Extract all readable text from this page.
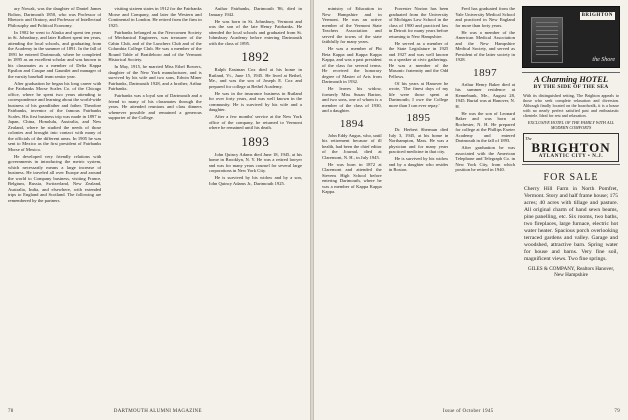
ary Nowak, was the daughter of Daniel James Bolton, Dartmouth 1850, who was Professor of Rhetoric and Oratory, and Professor of Intellectual Philosophy and Political Economy.

In 1902 he went to Alaska and spent ten years in St. Johnsbury, and later Kalbert spent ten years, attending the local schools, and graduating from the Academy in the summer of 1891. In the fall of 1891 he entered Dartmouth, where he completed in 1895 as an excellent scholar and was known to his classmates as a member of Delta Kappa Epsilon and Casque and Gauntlet and manager of the varsity baseball team senior year.

After graduation he began his long career with the Fairbanks Morse Scales Co. of the Chicago office, where he spent two years attending to correspondence and learning about the world-wide business of his grandfather and father. Theodore Fairbanks, inventor of the famous Fairbanks Scales. His first business trip was made in 1897 to Japan, China, Honolulu, Australia, and New Zealand, where he studied the needs of those colonies and brought into contact with many of the officials of the different areas. In 1905 he was sent to Mexico as the first president of Fairbanks Morse of Mexico.

He developed very friendly relations with governments in introducing the metric system, which necessarily means a large increase of business. He traveled all over Europe and around the world to Company business, visiting France, Belgium, Russia, Switzerland, New Zealand, Australia, India, and elsewhere, with extended trips to England and Scotland. The following are remembered by the partners.

visiting sixteen states in 1912 for the Fairbanks Morse and Company, and later the Western and Continental in London. He retired from the firm in 1925.

Fairbanks belonged as the Newcomen Society of Mechanical Engineers, was treasurer of the Cabin Club, and of the Lunchers Club and of the Columbia College Club. He was a member of the Round Table of Brattleboro and of the Vermont Historical Society.

In May, 1915, he married Miss Ethel Bowers, daughter of the New York manufacturer, and is survived by his wife and two sons, Edwin Miner Fairbanks, Dartmouth 1928, and a brother, Arthur Fairbanks.

Fairbanks was a loyal son of Dartmouth and a friend to many of his classmates through the years. He attended reunions and class dinners whenever possible and remained a generous supporter of the College.

Author Fairbanks, Dartmouth '86, died in January 1942.

He was born in St. Johnsbury, Vermont and was the son of the late Henry Fairbanks. He attended the local schools and graduated from St. Johnsbury Academy before entering Dartmouth with the class of 1895.

1892

Ralph Eastman Cox died at his home in Rutland, Vt., June 15, 1945. He lived at Bethel, Me., and was the son of Joseph E. Cox and prepared for college at Bethel Academy.

He was in the insurance business in Rutland for over forty years, and was well known in the community. He is survived by his wife and a daughter.

After a few months' service at the New York office of the company, he returned to Vermont where he remained until his death.

1893

John Quincy Adams died June 18, 1945, at his home in Brooklyn, N. Y. He was a retired lawyer and was for many years counsel for several large corporations in New York City.

He is survived by his widow and by a son, John Quincy Adams Jr., Dartmouth 1925.

78	DARTMOUTH ALUMNI MAGAZINE

ministry of Education in New Hampshire and in Vermont. He was an active member of the Vermont State Teachers Association and served the towns of the state faithfully for many years.

He was a member of Phi Beta Kappa and Kappa Kappa Kappa, and was a past president of the class for several terms. He received the honorary degree of Master of Arts from Dartmouth in 1932.

He leaves his widow, formerly Miss Susan Barton, and two sons, one of whom is a member of the class of 1930, and a daughter.

1894

John Eddy Angus, who, until his retirement because of ill health, had been the chief editor of the Journal, died at Claremont, N. H., in July 1945.

He was born in 1872 at Claremont and attended the Stevens High School before entering Dartmouth, where he was a member of Kappa Kappa Kappa.

Forrester Norton has been graduated from the University of Michigan Law School in the class of 1900 and practiced law in Detroit for many years before returning to New Hampshire.

He served as a member of the State Legislature in 1925 and 1927 and was well known as a speaker at civic gatherings. He was a member of the Masonic fraternity and the Odd Fellows.

Of his years at Hanover he wrote, 'The finest days of my life were those spent at Dartmouth; I owe the College more than I can ever repay.'

1895

Dr. Herbert Sherman died July 3, 1945, at his home in Northampton, Mass. He was a physician and for many years practiced medicine in that city.

He is survived by his widow and by a daughter who resides in Boston.

Fred has graduated from the Yale University Medical School and practiced in New England for more than forty years.

He was a member of the American Medical Association and the New Hampshire Medical Society, and served as President of the latter society in 1928.

1897

Arthur Henry Baker died at his summer residence at Kennebunk, Me., August 28, 1945. Burial was at Hanover, N. H.

He was the son of Leonard Baker and was born at Rochester, N. H. He prepared for college at the Phillips Exeter Academy and entered Dartmouth in the fall of 1893.

After graduation he was associated with the American Telephone and Telegraph Co. in New York City, from which position he retired in 1940.

BRIGHTON
the Shore
A Charming HOTEL
BY THE SIDE OF THE SEA
With its distinguished setting, The Brighton appeals to those who seek complete relaxation and diversion. Although finally located on the boardwalk, it is a house with no nearly perfect satisfied past and enthusiastic clientele. Ideal for rest and relaxation.
EXCLUSIVE HOTEL OF THE FAMILY WITH ALL MODERN COMFORTS
The
BRIGHTON
ATLANTIC CITY • N.J.
FOR SALE
Cherry Hill Farm in North Pomfret, Vermont. Story and half frame house; 175 acres; 40 acres with tillage and pasture. All original charm of hand sewn beams, pine panelling, etc. Six rooms, two baths, two fireplaces, large furnace, electric hot water heater. Spacious porch overlooking terraced gardens and valley. Garage and woodshed, attractive barn. Spring water for house and barns. Very fine soil, magnificent views. Two fine springs.
GILES & COMPANY, Realtors Hanover, New Hampshire
Issue of October 1945	79
